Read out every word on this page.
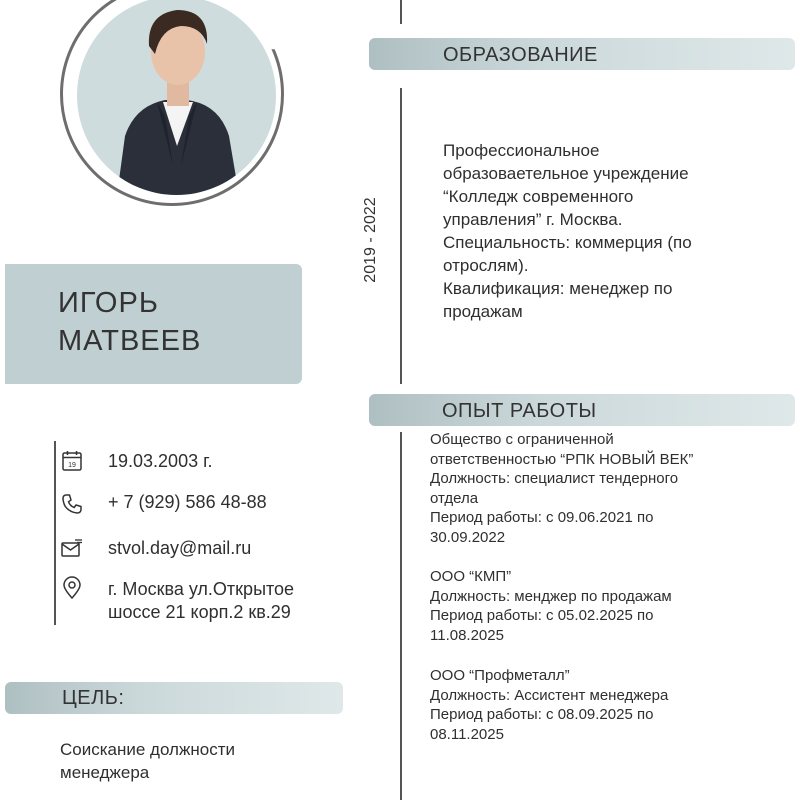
ИГОРЬ
МАТВЕЕВ
19 19.03.2003 г.
+ 7 (929) 586 48-88
stvol.day@mail.ru
г. Москва ул.Открытое
шоссе 21 корп.2 кв.29
ЦЕЛЬ:
Соискание должности
менеджера
ОБРАЗОВАНИЕ
2019 - 2022
Профессиональное
образоваетельное учреждение
“Колледж современного
управления” г. Москва.
Специальность: коммерция (по
отрослям).
Квалификация: менеджер по
продажам
ОПЫТ РАБОТЫ

Общество с ограниченной

ответственностью “РПК НОВЫЙ ВЕК”

Должность: специалист тендерного

отдела

Период работы: с 09.06.2021 по

30.09.2022

ООО “КМП”

Должность: менджер по продажам

Период работы: с 05.02.2025 по

11.08.2025

ООО “Профметалл”

Должность: Ассистент менеджера

Период работы: с 08.09.2025 по

08.11.2025
